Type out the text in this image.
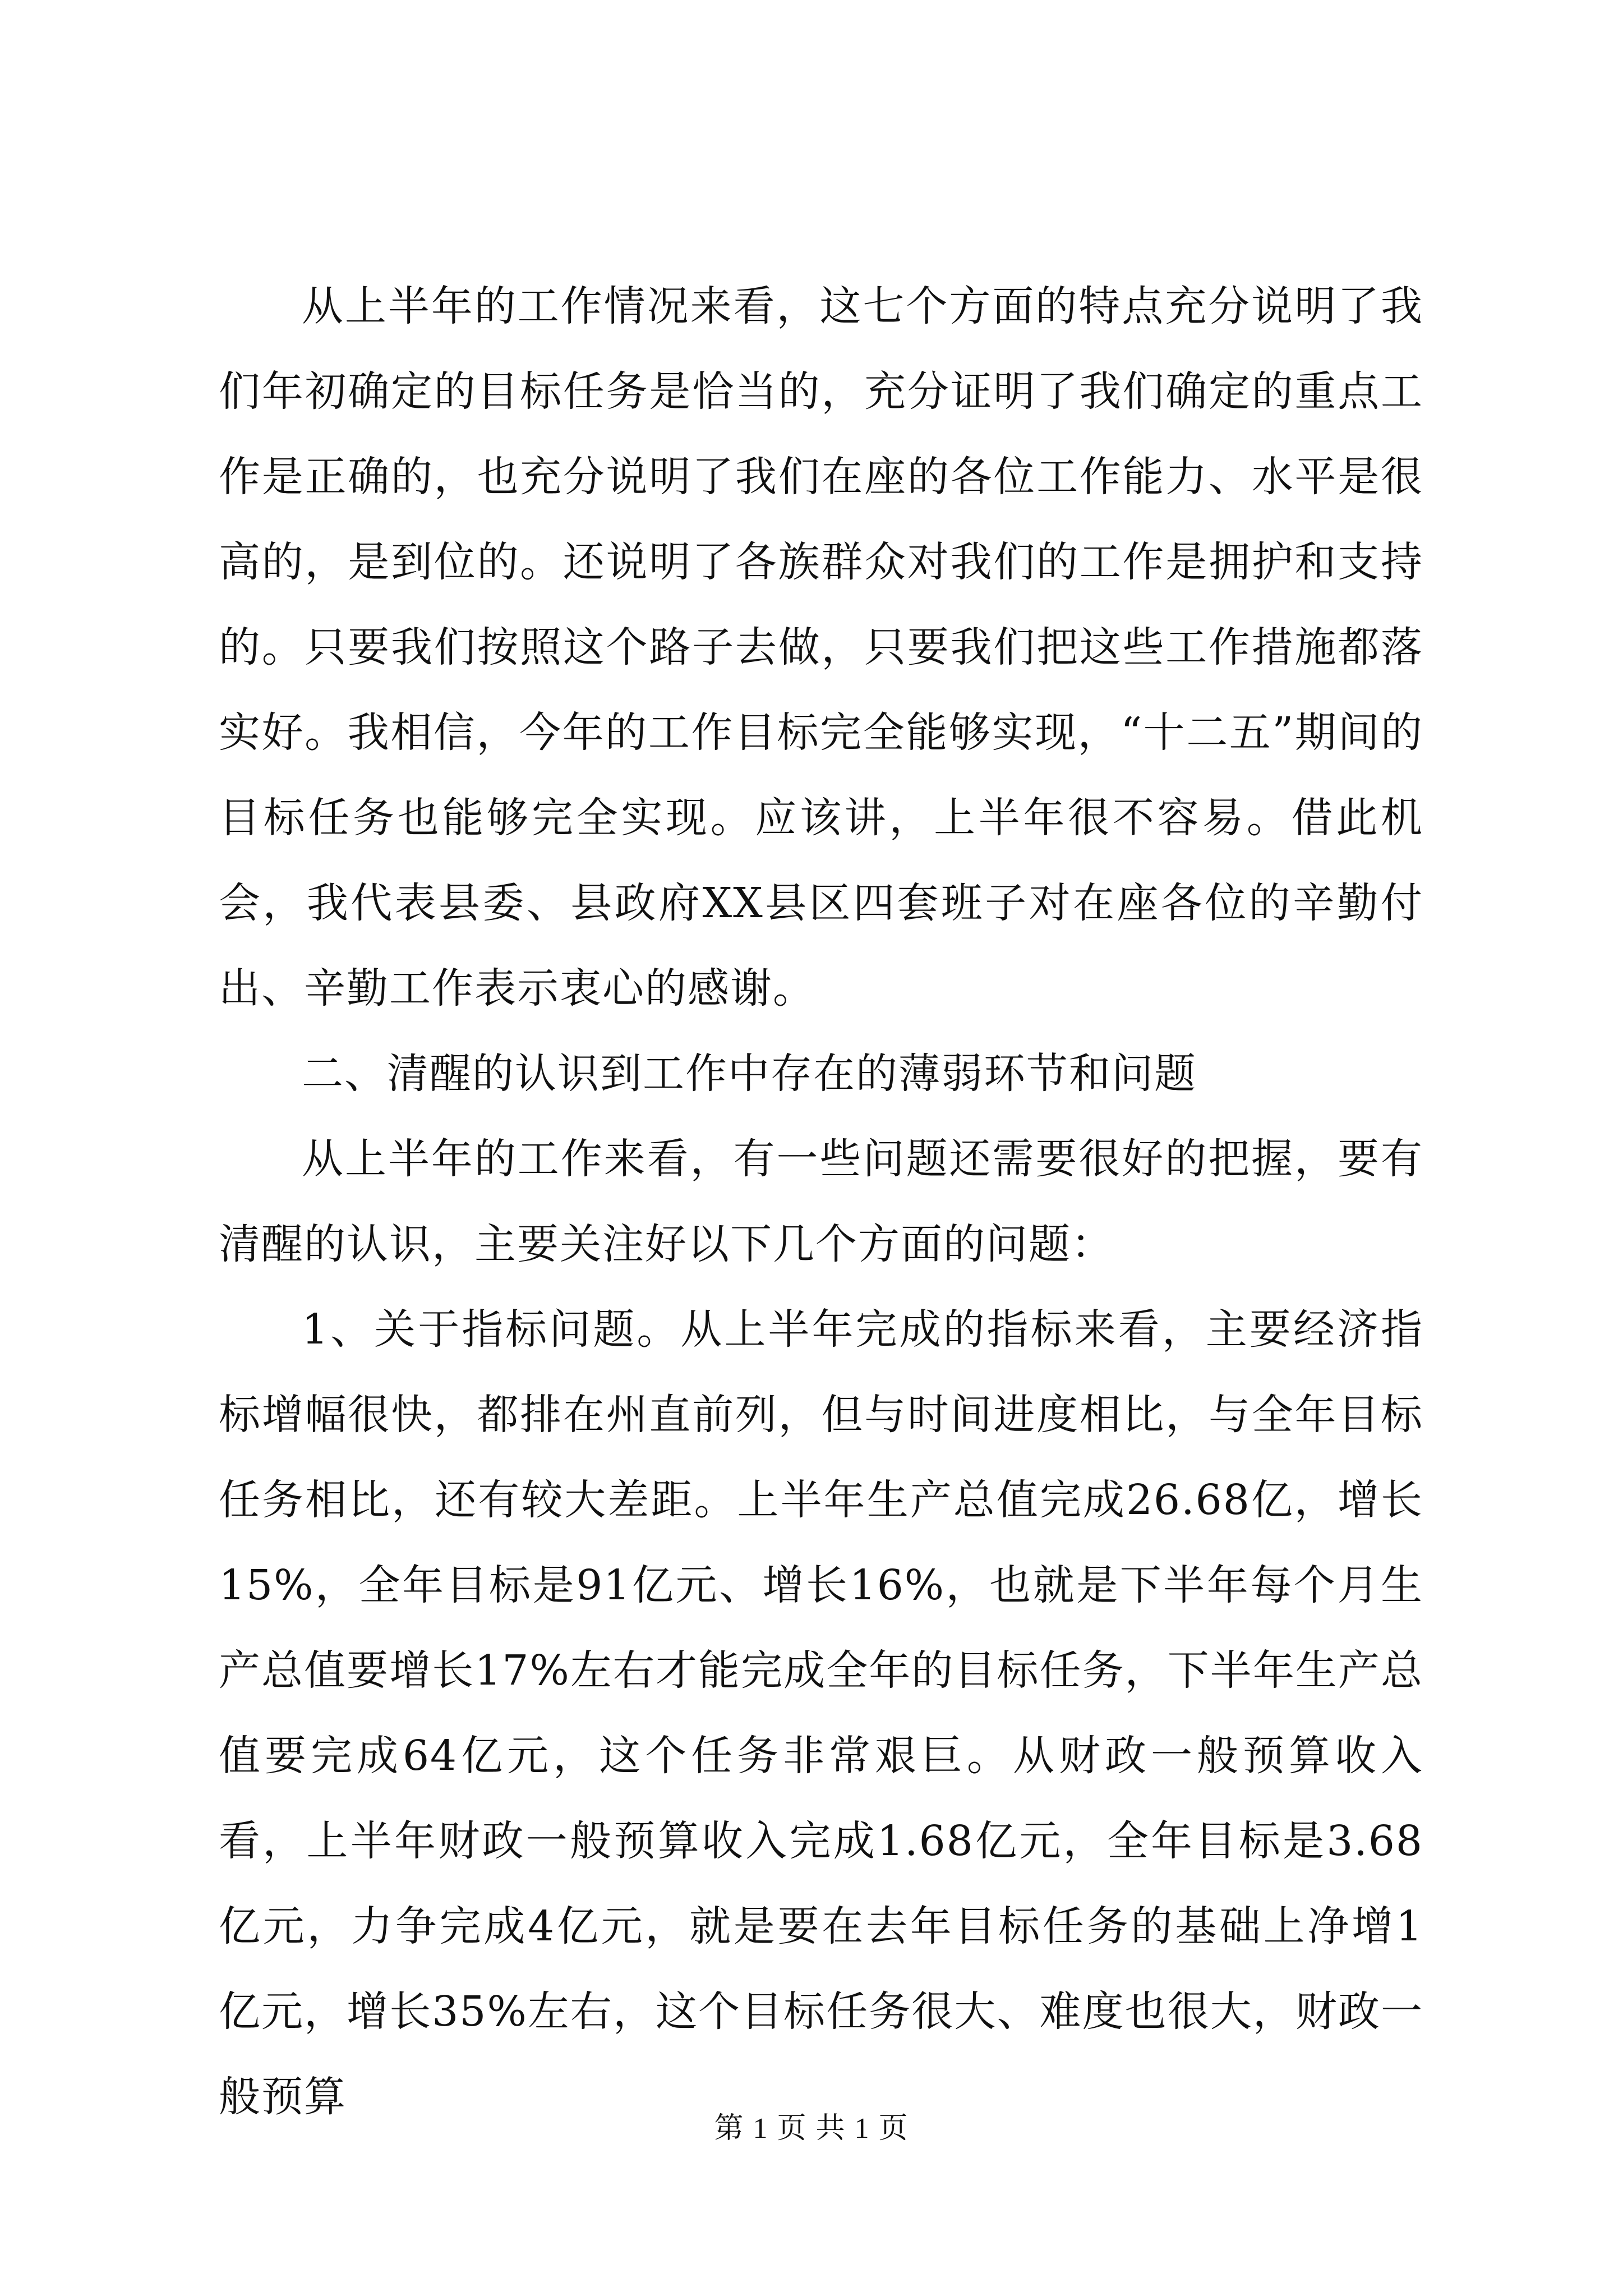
从上半年的工作情况来看，这七个方面的特点充分说明了我们年初确定的目标任务是恰当的，充分证明了我们确定的重点工作是正确的，也充分说明了我们在座的各位工作能力、水平是很高的，是到位的。还说明了各族群众对我们的工作是拥护和支持的。只要我们按照这个路子去做，只要我们把这些工作措施都落实好。我相信，今年的工作目标完全能够实现，“十二五”期间的目标任务也能够完全实现。应该讲，上半年很不容易。借此机会，我代表县委、县政府XX县区四套班子对在座各位的辛勤付出、辛勤工作表示衷心的感谢。

二、清醒的认识到工作中存在的薄弱环节和问题

从上半年的工作来看，有一些问题还需要很好的把握，要有清醒的认识，主要关注好以下几个方面的问题：

1、关于指标问题。从上半年完成的指标来看，主要经济指标增幅很快，都排在州直前列，但与时间进度相比，与全年目标任务相比，还有较大差距。上半年生产总值完成26.68亿，增长15%，全年目标是91亿元、增长16%，也就是下半年每个月生产总值要增长17%左右才能完成全年的目标任务，下半年生产总值要完成64亿元，这个任务非常艰巨。从财政一般预算收入看，上半年财政一般预算收入完成1.68亿元，全年目标是3.68亿元，力争完成4亿元，就是要在去年目标任务的基础上净增1亿元，增长35%左右，这个目标任务很大、难度也很大，财政一般预算

第 1 页 共 1 页
